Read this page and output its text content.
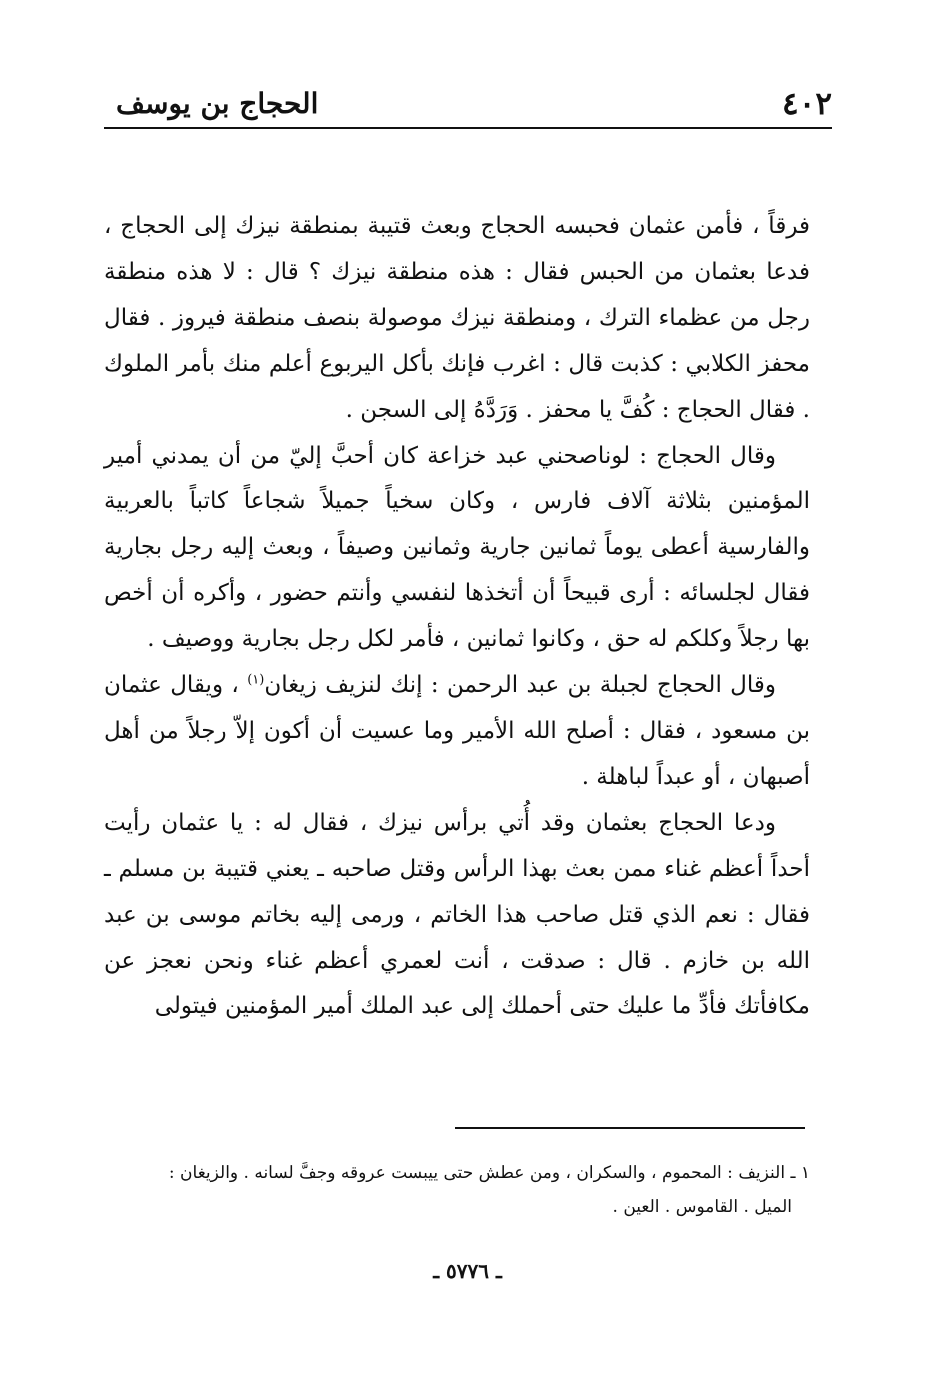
٤٠٢
الحجاج بن يوسف

فرقاً ، فأمن عثمان فحبسه الحجاج وبعث قتيبة بمنطقة نيزك إلى الحجاج ، فدعا بعثمان من الحبس فقال : هذه منطقة نيزك ؟ قال : لا هذه منطقة رجل من عظماء الترك ، ومنطقة نيزك موصولة بنصف منطقة فيروز . فقال محفز الكلابي : كذبت قال : اغرب فإنك بأكل اليربوع أعلم منك بأمر الملوك . فقال الحجاج : كُفَّ يا محفز . وَرَدَّهُ إلى السجن .

وقال الحجاج : لوناصحني عبد خزاعة كان أحبَّ إليّ من أن يمدني أمير المؤمنين بثلاثة آلاف فارس ، وكان سخياً جميلاً شجاعاً كاتباً بالعربية والفارسية أعطى يوماً ثمانين جارية وثمانين وصيفاً ، وبعث إليه رجل بجارية فقال لجلسائه : أرى قبيحاً أن أتخذها لنفسي وأنتم حضور ، وأكره أن أخص بها رجلاً وكلكم له حق ، وكانوا ثمانين ، فأمر لكل رجل بجارية ووصيف .

وقال الحجاج لجبلة بن عبد الرحمن : إنك لنزيف زيغان$^{(١)}$ ، ويقال عثمان بن مسعود ، فقال : أصلح الله الأمير وما عسيت أن أكون إلاّ رجلاً من أهل أصبهان ، أو عبداً لباهلة .

ودعا الحجاج بعثمان وقد أُتي برأس نيزك ، فقال له : يا عثمان رأيت أحداً أعظم غناء ممن بعث بهذا الرأس وقتل صاحبه ـ يعني قتيبة بن مسلم ـ فقال : نعم الذي قتل صاحب هذا الخاتم ، ورمى إليه بخاتم موسى بن عبد الله بن خازم . قال : صدقت ، أنت لعمري أعظم غناء ونحن نعجز عن مكافأتك فأدِّ ما عليك حتى أحملك إلى عبد الملك أمير المؤمنين فيتولى

١ ـ النزيف : المحموم ، والسكران ، ومن عطش حتى ييبست عروقه وجفَّ لسانه . والزيغان :

الميل . القاموس . العين .

ـ ٥٧٧٦ ـ
